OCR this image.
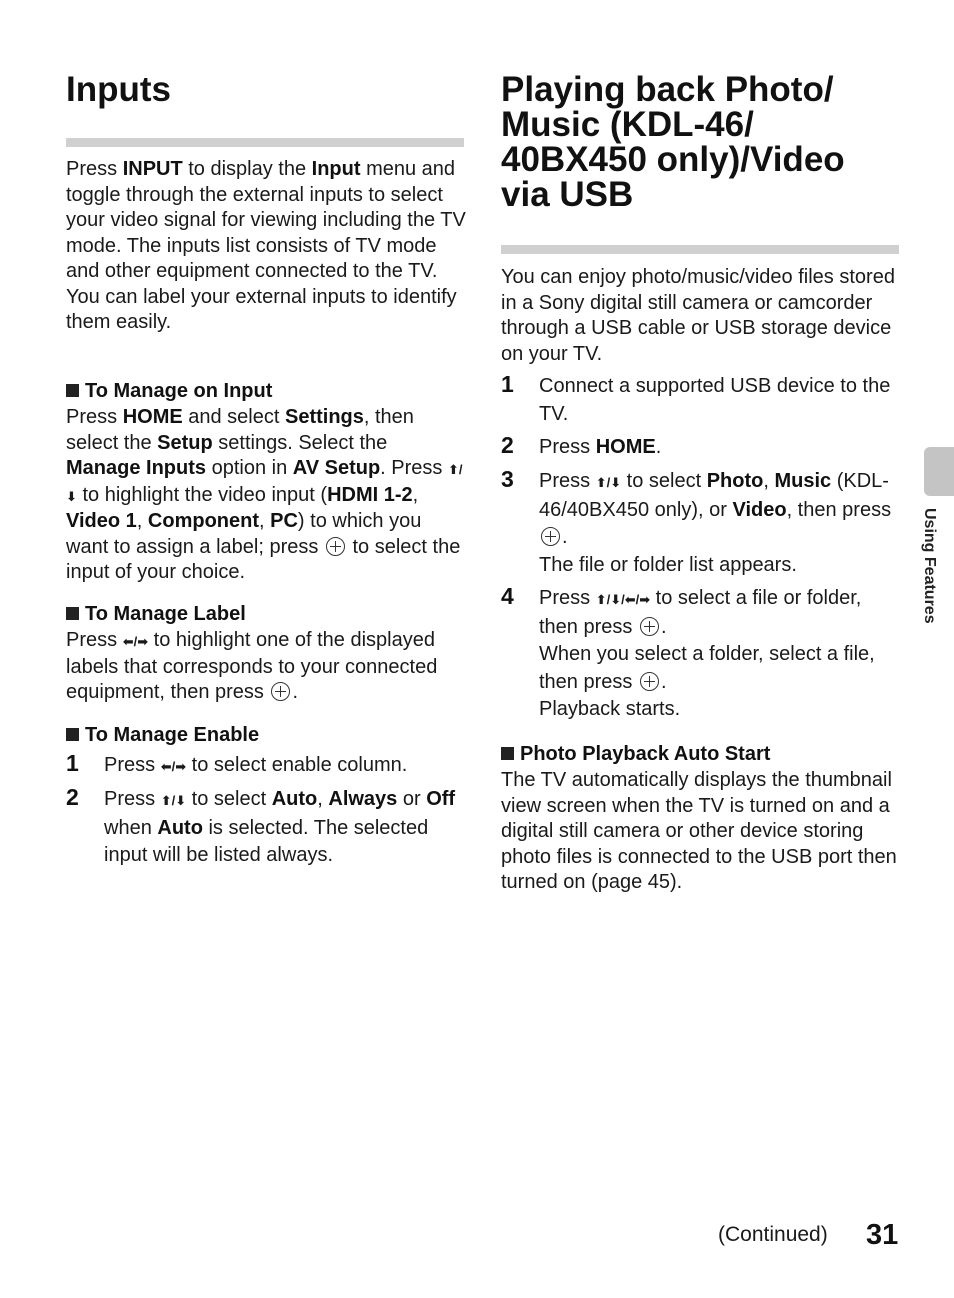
Inputs
Press INPUT to display the Input menu and toggle through the external inputs to select your video signal for viewing including the TV mode. The inputs list consists of TV mode and other equipment connected to the TV.
You can label your external inputs to identify them easily.
To Manage on Input
Press HOME and select Settings, then select the Setup settings. Select the Manage Inputs option in AV Setup. Press ⬆/⬇ to highlight the video input (HDMI 1-2, Video 1, Component, PC) to which you want to assign a label; press  to select the input of your choice.
To Manage Label
Press ⬅/➡ to highlight one of the displayed labels that corresponds to your connected equipment, then press .
To Manage Enable
1 Press ⬅/➡ to select enable column.
2 Press ⬆/⬇ to select Auto, Always or Off when Auto is selected. The selected input will be listed always.
Playing back Photo/
Music (KDL-46/
40BX450 only)/Video
via USB
You can enjoy photo/music/video files stored in a Sony digital still camera or camcorder through a USB cable or USB storage device on your TV.
1 Connect a supported USB device to the TV.
2 Press HOME.
3 Press ⬆/⬇ to select Photo, Music (KDL-46/40BX450 only), or Video, then press .
The file or folder list appears.
4 Press ⬆/⬇/⬅/➡ to select a file or folder, then press .
When you select a folder, select a file, then press .
Playback starts.
Photo Playback Auto Start
The TV automatically displays the thumbnail view screen when the TV is turned on and a digital still camera or other device storing photo files is connected to the USB port then turned on (page 45).
Using Features
(Continued) 31
